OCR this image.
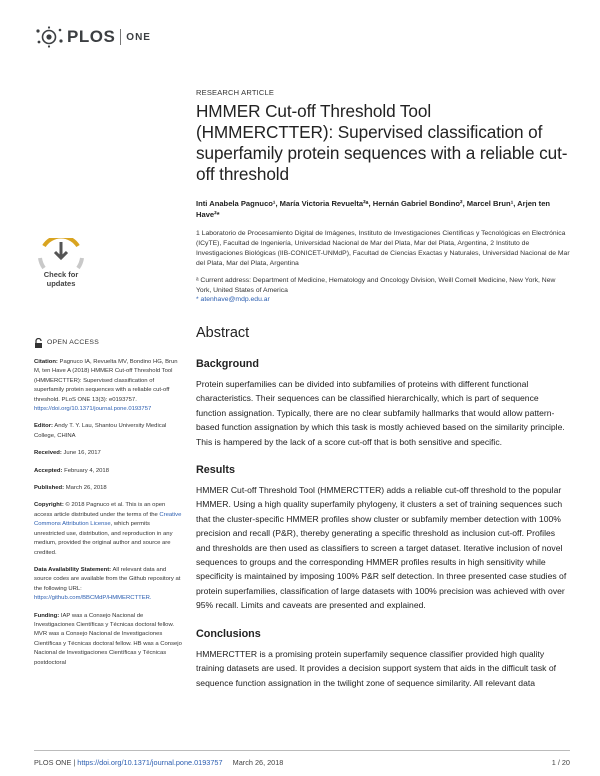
PLOS ONE
Check for updates
OPEN ACCESS

Citation: Pagnuco IA, Revuelta MV, Bondino HG, Brun M, ten Have A (2018) HMMER Cut-off Threshold Tool (HMMERCTTER): Supervised classification of superfamily protein sequences with a reliable cut-off threshold. PLoS ONE 13(3): e0193757. https://doi.org/10.1371/journal.pone.0193757

Editor: Andy T. Y. Lau, Shantou University Medical College, CHINA

Received: June 16, 2017

Accepted: February 4, 2018

Published: March 26, 2018

Copyright: © 2018 Pagnuco et al. This is an open access article distributed under the terms of the Creative Commons Attribution License, which permits unrestricted use, distribution, and reproduction in any medium, provided the original author and source are credited.

Data Availability Statement: All relevant data and source codes are available from the Github repository at the following URL: https://github.com/BBCMdP/HMMERCTTER.

Funding: IAP was a Consejo Nacional de Investigaciones Científicas y Técnicas doctoral fellow. MVR was a Consejo Nacional de Investigaciones Científicas y Técnicas doctoral fellow. HB was a Consejo Nacional de Investigaciones Científicas y Técnicas postdoctoral

RESEARCH ARTICLE
HMMER Cut-off Threshold Tool (HMMERCTTER): Supervised classification of superfamily protein sequences with a reliable cut-off threshold
Inti Anabela Pagnuco¹, María Victoria Revuelta²ᵃ, Hernán Gabriel Bondino², Marcel Brun¹, Arjen ten Have²*
1 Laboratorio de Procesamiento Digital de Imágenes, Instituto de Investigaciones Científicas y Tecnológicas en Electrónica (ICyTE), Facultad de Ingeniería, Universidad Nacional de Mar del Plata, Mar del Plata, Argentina, 2 Instituto de Investigaciones Biológicas (IIB-CONICET-UNMdP), Facultad de Ciencias Exactas y Naturales, Universidad Nacional de Mar del Plata, Mar del Plata, Argentina
ᵃ Current address: Department of Medicine, Hematology and Oncology Division, Weill Cornell Medicine, New York, New York, United States of America
* atenhave@mdp.edu.ar
Abstract
Background
Protein superfamilies can be divided into subfamilies of proteins with different functional characteristics. Their sequences can be classified hierarchically, which is part of sequence function assignation. Typically, there are no clear subfamily hallmarks that would allow pattern-based function assignation by which this task is mostly achieved based on the similarity principle. This is hampered by the lack of a score cut-off that is both sensitive and specific.
Results
HMMER Cut-off Threshold Tool (HMMERCTTER) adds a reliable cut-off threshold to the popular HMMER. Using a high quality superfamily phylogeny, it clusters a set of training sequences such that the cluster-specific HMMER profiles show cluster or subfamily member detection with 100% precision and recall (P&R), thereby generating a specific threshold as inclusion cut-off. Profiles and thresholds are then used as classifiers to screen a target dataset. Iterative inclusion of novel sequences to groups and the corresponding HMMER profiles results in high sensitivity while specificity is maintained by imposing 100% P&R self detection. In three presented case studies of protein superfamilies, classification of large datasets with 100% precision was achieved with over 95% recall. Limits and caveats are presented and explained.
Conclusions
HMMERCTTER is a promising protein superfamily sequence classifier provided high quality training datasets are used. It provides a decision support system that aids in the difficult task of sequence function assignation in the twilight zone of sequence similarity. All relevant data
PLOS ONE | https://doi.org/10.1371/journal.pone.0193757 March 26, 2018	1 / 20
